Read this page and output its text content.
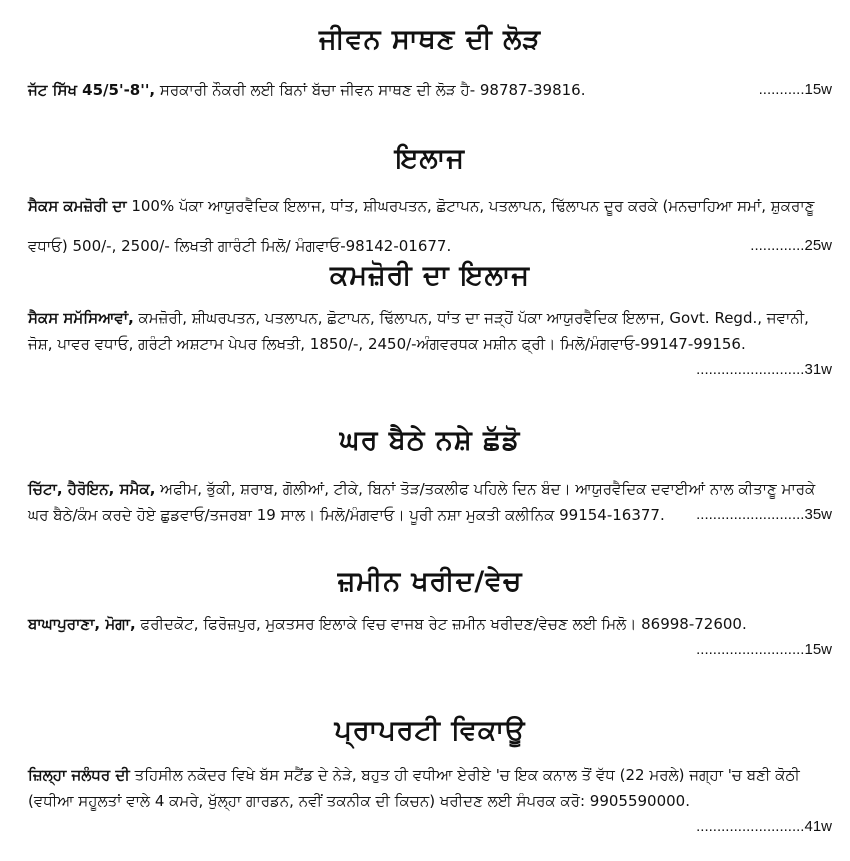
ਜੀਵਨ ਸਾਥਣ ਦੀ ਲੋੜ

...........15w
ਜੱਟ ਸਿੱਖ 45/5'-8'', ਸਰਕਾਰੀ ਨੌਕਰੀ ਲਈ ਬਿਨਾਂ ਬੱਚਾ ਜੀਵਨ ਸਾਥਣ ਦੀ ਲੋੜ ਹੈ- 98787-39816.

ਇਲਾਜ

ਸੈਕਸ ਕਮਜ਼ੋਰੀ ਦਾ 100% ਪੱਕਾ ਆਯੁਰਵੈਦਿਕ ਇਲਾਜ, ਧਾਂਤ, ਸ਼ੀਘਰਪਤਨ, ਛੋਟਾਪਨ, ਪਤਲਾਪਨ, ਢਿੱਲਾਪਨ ਦੂਰ ਕਰਕੇ (ਮਨਚਾਹਿਆ ਸਮਾਂ, ਸ਼ੁਕਰਾਣੂ ਵਧਾਓ) 500/-, 2500/- ਲਿਖਤੀ ਗਾਰੰਟੀ ਮਿਲੋ/ ਮੰਗਵਾਓ-98142-01677.	.............25w

ਕਮਜ਼ੋਰੀ ਦਾ ਇਲਾਜ

ਸੈਕਸ ਸਮੱਸਿਆਵਾਂ, ਕਮਜ਼ੋਰੀ, ਸ਼ੀਘਰਪਤਨ, ਪਤਲਾਪਨ, ਛੋਟਾਪਨ, ਢਿੱਲਾਪਨ, ਧਾਂਤ ਦਾ ਜੜ੍ਹੋਂ ਪੱਕਾ ਆਯੁਰਵੈਦਿਕ ਇਲਾਜ, Govt. Regd., ਜਵਾਨੀ, ਜੋਸ਼, ਪਾਵਰ ਵਧਾਓ, ਗਰੰਟੀ ਅਸ਼ਟਾਮ ਪੇਪਰ ਲਿਖਤੀ, 1850/-, 2450/-ਅੰਗਵਰਧਕ ਮਸ਼ੀਨ ਫ੍ਰੀ। ਮਿਲੋ/ਮੰਗਵਾਓ-99147-99156.
..........................31w

ਘਰ ਬੈਠੇ ਨਸ਼ੇ ਛੱਡੋ

ਚਿੱਟਾ, ਹੈਰੋਇਨ, ਸਮੈਕ, ਅਫੀਮ, ਭੁੱਕੀ, ਸ਼ਰਾਬ, ਗੋਲੀਆਂ, ਟੀਕੇ, ਬਿਨਾਂ ਤੋੜ/ਤਕਲੀਫ ਪਹਿਲੇ ਦਿਨ ਬੰਦ। ਆਯੁਰਵੈਦਿਕ ਦਵਾਈਆਂ ਨਾਲ ਕੀਤਾਣੂ ਮਾਰਕੇ ਘਰ ਬੈਠੇ/ਕੰਮ ਕਰਦੇ ਹੋਏ ਛੁਡਵਾਓ/ਤਜਰਬਾ 19 ਸਾਲ। ਮਿਲੋ/ਮੰਗਵਾਓ। ਪੂਰੀ ਨਸ਼ਾ ਮੁਕਤੀ ਕਲੀਨਿਕ 99154-16377. ..........................35w

ਜ਼ਮੀਨ ਖਰੀਦ/ਵੇਚ

ਬਾਘਾਪੁਰਾਣਾ, ਮੋਗਾ, ਫਰੀਦਕੋਟ, ਫਿਰੋਜ਼ਪੁਰ, ਮੁਕਤਸਰ ਇਲਾਕੇ ਵਿਚ ਵਾਜਬ ਰੇਟ ਜ਼ਮੀਨ ਖਰੀਦਣ/ਵੇਚਣ ਲਈ ਮਿਲੋ। 86998-72600.
..........................15w

ਪ੍ਰਾਪਰਟੀ ਵਿਕਾਊ

ਜ਼ਿਲ੍ਹਾ ਜਲੰਧਰ ਦੀ ਤਹਿਸੀਲ ਨਕੋਦਰ ਵਿਖੇ ਬੱਸ ਸਟੈਂਡ ਦੇ ਨੇੜੇ, ਬਹੁਤ ਹੀ ਵਧੀਆ ਏਰੀਏ 'ਚ ਇਕ ਕਨਾਲ ਤੋਂ ਵੱਧ (22 ਮਰਲੇ) ਜਗ੍ਹਾ 'ਚ ਬਣੀ ਕੋਠੀ (ਵਧੀਆ ਸਹੂਲਤਾਂ ਵਾਲੇ 4 ਕਮਰੇ, ਖੁੱਲ੍ਹਾ ਗਾਰਡਨ, ਨਵੀਂ ਤਕਨੀਕ ਦੀ ਕਿਚਨ) ਖਰੀਦਣ ਲਈ ਸੰਪਰਕ ਕਰੋ: 9905590000.
..........................41w
